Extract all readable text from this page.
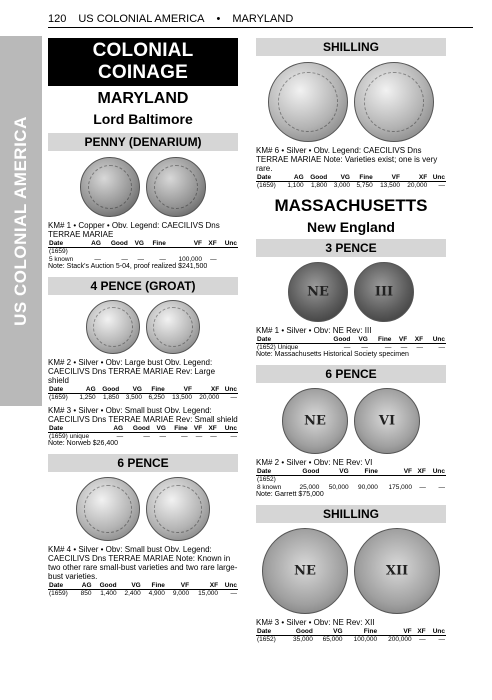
120 US COLONIAL AMERICA • MARYLAND
US COLONIAL AMERICA
COLONIAL COINAGE
MARYLAND
Lord Baltimore
PENNY (DENARIUM)
KM# 1 • Copper • Obv. Legend: CAECILIVS Dns TERRAE MARIAE
Date	AG	Good	VG	Fine	VF	XF	Unc
(1659)							
5 known	—	—	—	—	100,000	—	
Note: Stack's Auction 5-04, proof realized $241,500
4 PENCE (GROAT)
KM# 2 • Silver • Obv: Large bust Obv. Legend: CAECILIVS Dns TERRAE MARIAE Rev: Large shield
Date	AG	Good	VG	Fine	VF	XF	Unc
(1659)	1,250	1,850	3,500	6,250	13,500	20,000	—
KM# 3 • Silver • Obv: Small bust Obv. Legend: CAECILIVS Dns TERRAE MARIAE Rev: Small shield
Date	AG	Good	VG	Fine	VF	XF	Unc
(1659) unique	—	—	—	—	—	—	—
Note: Norweb $26,400
6 PENCE
KM# 4 • Silver • Obv: Small bust Obv. Legend: CAECILIVS Dns TERRAE MARIAE Note: Known in two other rare small-bust varieties and two rare large-bust varieties.
Date	AG	Good	VG	Fine	VF	XF	Unc
(1659)	850	1,400	2,400	4,900	9,000	15,000	—
SHILLING
KM# 6 • Silver • Obv. Legend: CAECILIVS Dns TERRAE MARIAE Note: Varieties exist; one is very rare.
Date	AG	Good	VG	Fine	VF	XF	Unc
(1659)	1,100	1,800	3,000	5,750	13,500	20,000	—
MASSACHUSETTS
New England
3 PENCE
NE	III
KM# 1 • Silver • Obv: NE Rev: III
Date	Good	VG	Fine	VF	XF	Unc
(1652) Unique	—	—	—	—	—	—
Note: Massachusetts Historical Society specimen
6 PENCE
NE	VI
KM# 2 • Silver • Obv: NE Rev: VI
Date	Good	VG	Fine	VF	XF	Unc
(1652)						
8 known	25,000	50,000	90,000	175,000	—	—
Note: Garrett $75,000
SHILLING
NE	XII
KM# 3 • Silver • Obv: NE Rev: XII
Date	Good	VG	Fine	VF	XF	Unc
(1652)	35,000	65,000	100,000	200,000	—	—
